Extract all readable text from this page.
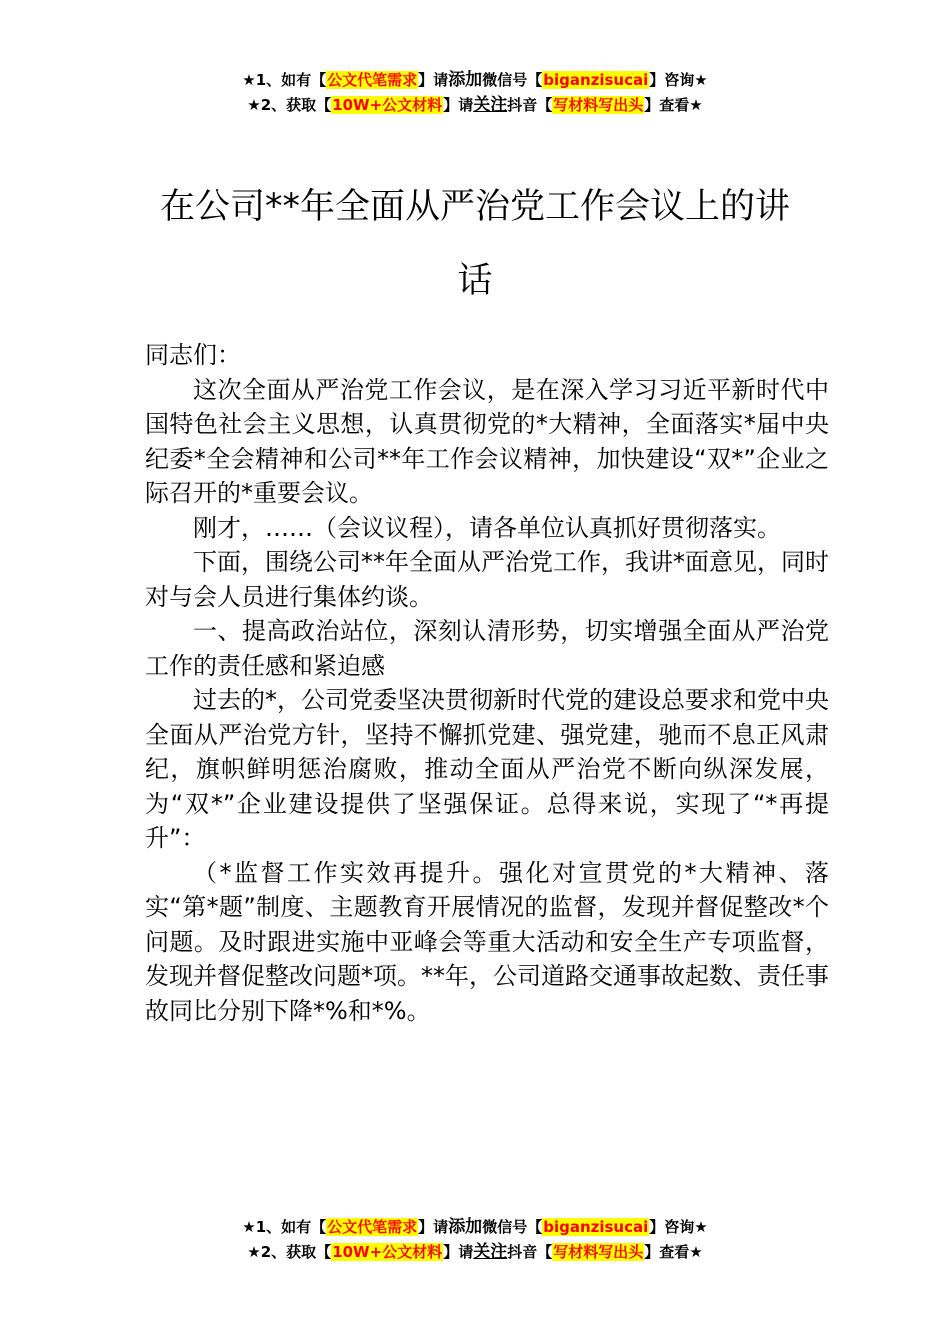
★1、如有【公文代笔需求】请添加微信号【biganzisucai】咨询★
★2、获取【10W+公文材料】请关注抖音【写材料写出头】查看★
在公司**年全面从严治党工作会议上的讲话

同志们：

这次全面从严治党工作会议，是在深入学习习近平新时代中国特色社会主义思想，认真贯彻党的*大精神，全面落实*届中央纪委*全会精神和公司**年工作会议精神，加快建设“双*”企业之际召开的*重要会议。

刚才，……（会议议程），请各单位认真抓好贯彻落实。

下面，围绕公司**年全面从严治党工作，我讲*面意见，同时对与会人员进行集体约谈。

一、提高政治站位，深刻认清形势，切实增强全面从严治党工作的责任感和紧迫感

过去的*，公司党委坚决贯彻新时代党的建设总要求和党中央全面从严治党方针，坚持不懈抓党建、强党建，驰而不息正风肃纪，旗帜鲜明惩治腐败，推动全面从严治党不断向纵深发展，为“双*”企业建设提供了坚强保证。总得来说，实现了“*再提升”：

（*监督工作实效再提升。强化对宣贯党的*大精神、落实“第*题”制度、主题教育开展情况的监督，发现并督促整改*个问题。及时跟进实施中亚峰会等重大活动和安全生产专项监督，发现并督促整改问题*项。**年，公司道路交通事故起数、责任事故同比分别下降*%和*%。

★1、如有【公文代笔需求】请添加微信号【biganzisucai】咨询★
★2、获取【10W+公文材料】请关注抖音【写材料写出头】查看★
